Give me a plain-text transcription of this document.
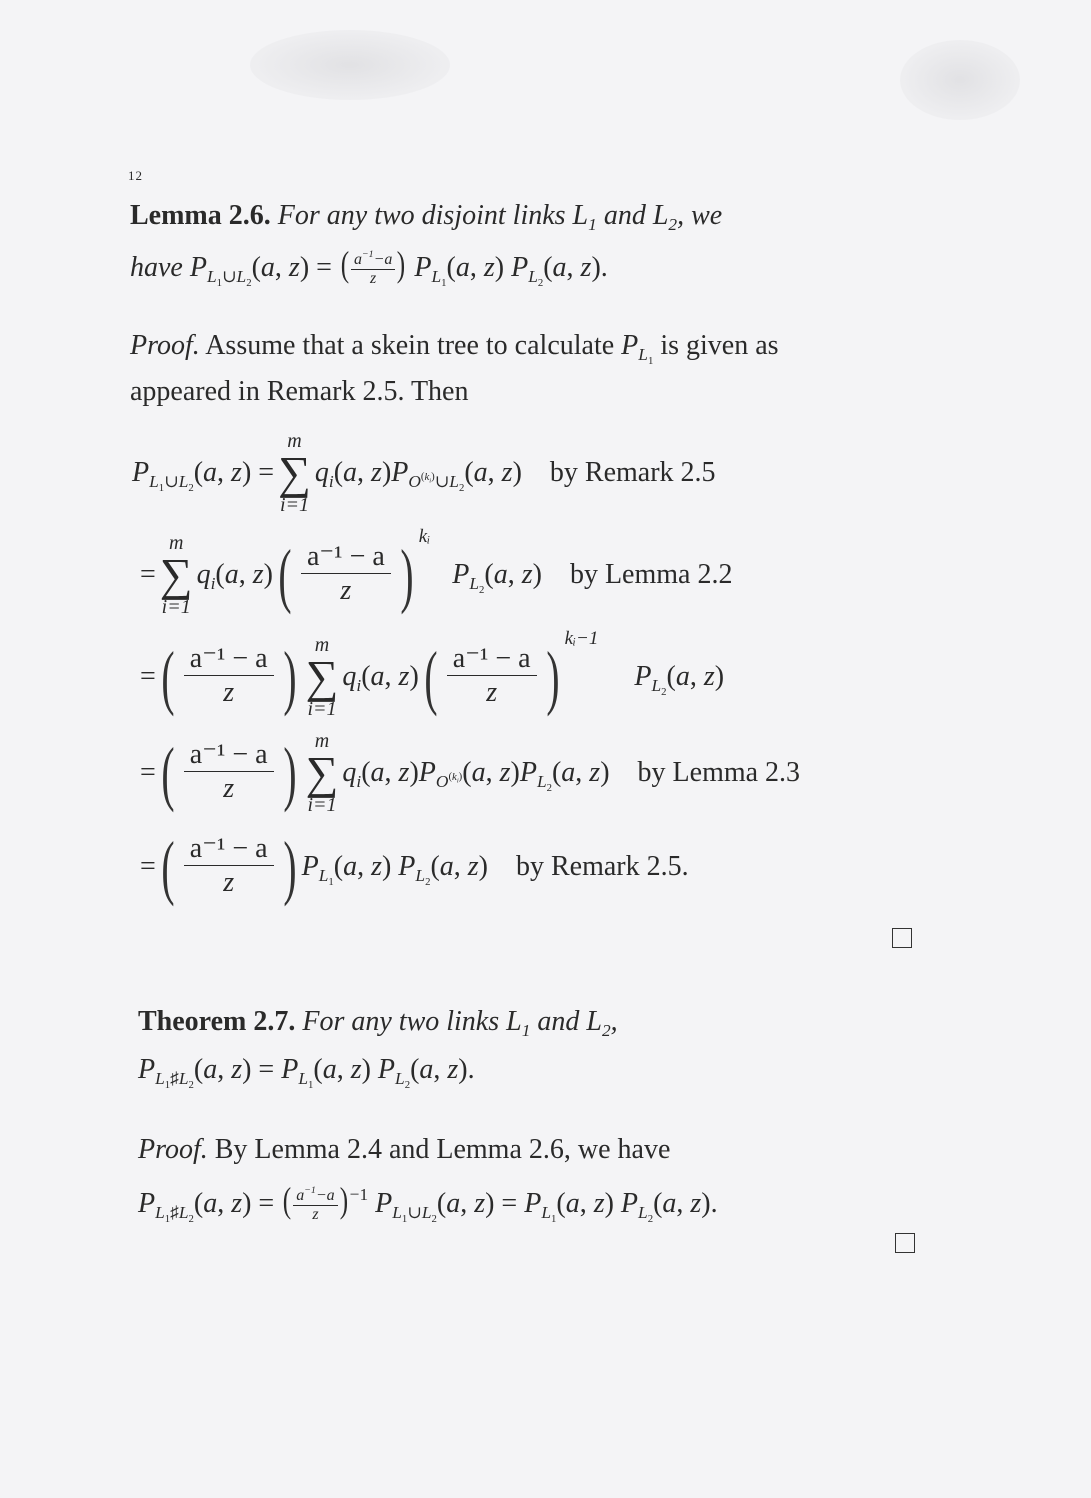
12
Lemma 2.6. For any two disjoint links $L_1$ and $L_2$, we
have $P_{L_1\cup L_2}(a$, z) = ( $\frac{a^{-1}-a}{z}$ ) $P_{L_1}(a$, z) $P_{L_2}(a$, z).
Proof. Assume that a skein tree to calculate $P_{L_1}$ is given as
appeared in Remark 2.5. Then
$P_{L_1\cup L_2}(a$, z) =
m
∑
i=1
$q_i(a$, $z)P_{O^{(k_i)}\cup L_2}(a$, z) by Remark 2.5
=
m
∑
i=1
$q_i(a$, z) ( $\frac{\text{a⁻¹ − a}}{z}$ ) kᵢ
$P_{L_2}(a$, z) by Lemma 2.2
= ( $\frac{\text{a⁻¹ − a}}{z}$ ) m
∑
i=1
$q_i(a$, z) ( $\frac{\text{a⁻¹ − a}}{z}$ ) kᵢ−1
$P_{L_2}(a$, z)
= ( $\frac{\text{a⁻¹ − a}}{z}$ ) m
∑
i=1
$q_i(a$, $z)P_{O^{(k_i)}}(a$, $z)P_{L_2}(a$, z) by Lemma 2.3
= ( $\frac{\text{a⁻¹ − a}}{z}$ ) $P_{L_1}(a$, z) $P_{L_2}(a$, z) by Remark 2.5.
Theorem 2.7. For any two links $L_1$ and $L_2$,
$P_{L_1♯L_2}(a$, $z) = P_{L_1}(a$, z) $P_{L_2}(a$, z).
Proof. By Lemma 2.4 and Lemma 2.6, we have
$P_{L_1♯L_2}(a$, z) = ( $\frac{a^{-1}-a}{z}$ ) $^{-1}$ $P_{L_1\cup L_2}(a$, $z) = P_{L_1}(a$, z) $P_{L_2}(a$, z).
